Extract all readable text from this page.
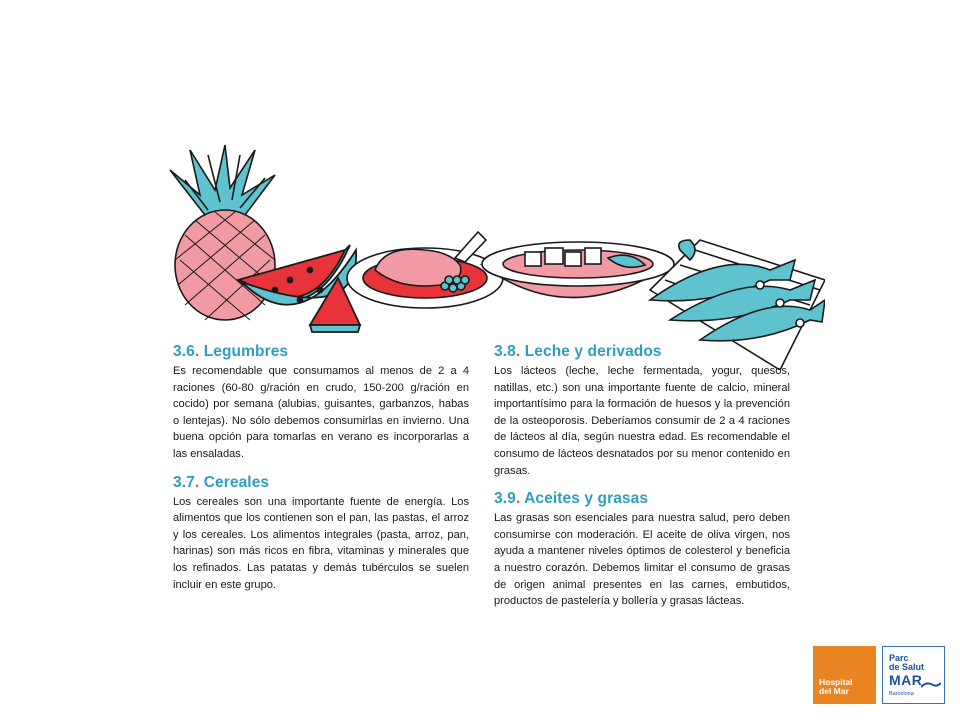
3.6. Legumbres

Es recomendable que consumamos al menos de 2 a 4 raciones (60-80 g/ración en crudo, 150-200 g/ración en cocido) por semana (alubias, guisantes, garbanzos, habas o lentejas). No sólo debemos consumirlas en invierno. Una buena opción para tomarlas en verano es incorporarlas a las ensaladas.

3.7. Cereales

Los cereales son una importante fuente de energía. Los alimentos que los contienen son el pan, las pastas, el arroz y los cereales. Los alimentos integrales (pasta, arroz, pan, harinas) son más ricos en fibra, vitaminas y minerales que los refinados. Las patatas y demás tubérculos se suelen incluir en este grupo.

3.8. Leche y derivados

Los lácteos (leche, leche fermentada, yogur, quesos, natillas, etc.) son una importante fuente de calcio, mineral importantísimo para la formación de huesos y la prevención de la osteoporosis. Deberíamos consumir de 2 a 4 raciones de lácteos al día, según nuestra edad. Es recomendable el consumo de lácteos desnatados por su menor contenido en grasas.

3.9. Aceites y grasas

Las grasas son esenciales para nuestra salud, pero deben consumirse con moderación. El aceite de oliva virgen, nos ayuda a mantener niveles óptimos de colesterol y beneficia a nuestro corazón. Debemos limitar el consumo de grasas de origen animal presentes en las carnes, embutidos, productos de pastelería y bollería y grasas lácteas.

Hospital
del Mar
Parc
de Salut
MAR
Barcelona
